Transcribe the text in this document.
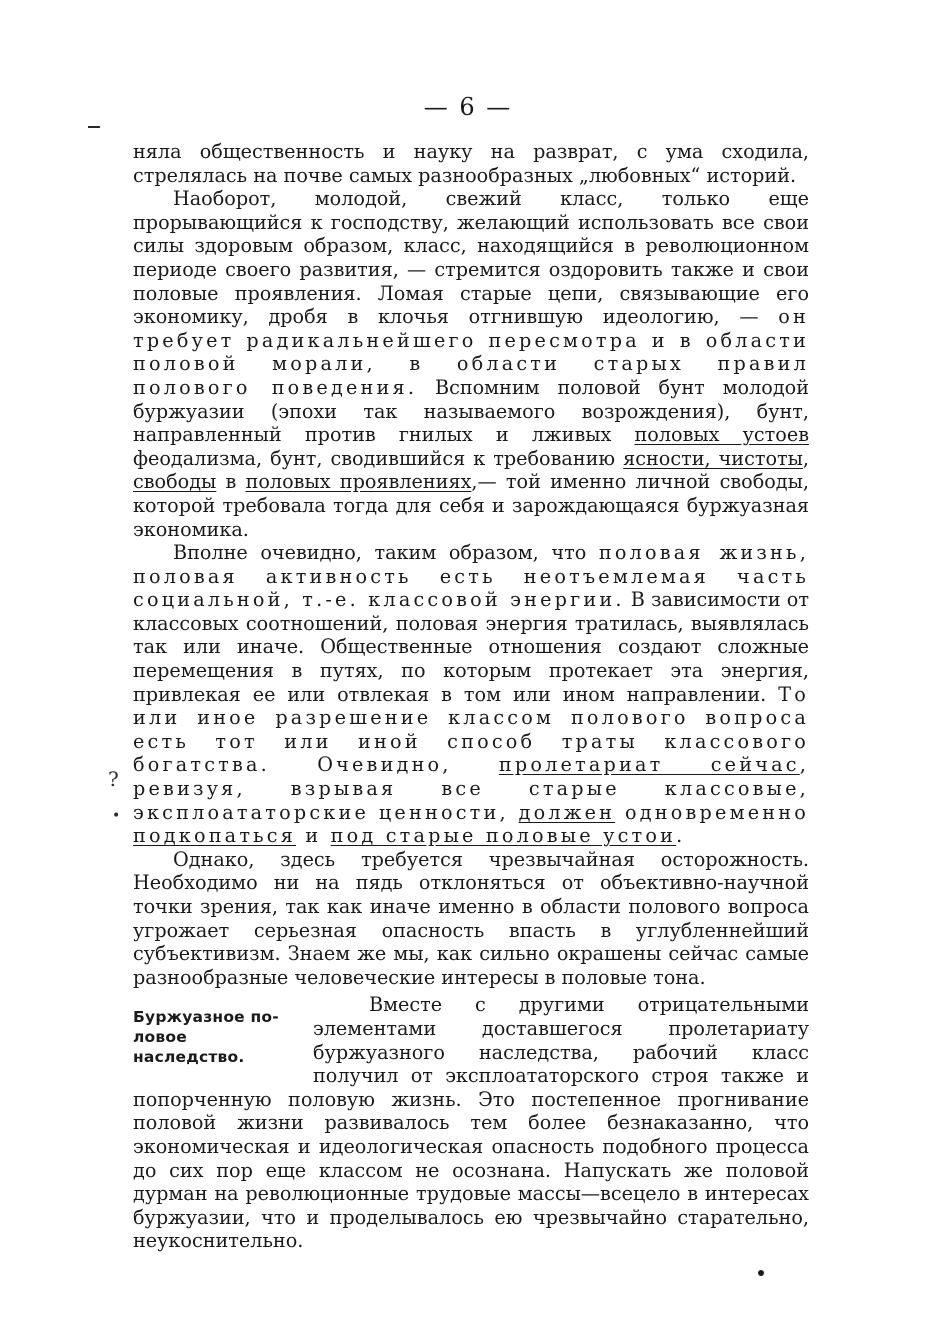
— 6 —
?
•

няла общественность и науку на разврат, с ума сходила, стрелялась на почве самых разнообразных „любовных“ историй.

Наоборот, молодой, свежий класс, только еще прорывающийся к господству, желающий использовать все свои силы здоровым образом, класс, находящийся в революционном периоде своего развития, — стремится оздоровить также и свои половые проявления. Ломая старые цепи, связывающие его экономику, дробя в клочья отгнившую идеологию, — он требует радикальнейшего пересмотра и в области половой морали, в области старых правил полового поведения. Вспомним половой бунт молодой буржуазии (эпохи так называемого возрождения), бунт, направленный против гнилых и лживых половых устоев феодализма, бунт, сводившийся к требованию ясности, чистоты, свободы в половых проявлениях,— той именно личной свободы, которой требовала тогда для себя и зарождающаяся буржуазная экономика.

Вполне очевидно, таким образом, что половая жизнь, половая активность есть неотъемлемая часть социальной, т.-е. классовой энергии. В зависимости от классовых соотношений, половая энергия тратилась, выявлялась так или иначе. Общественные отношения создают сложные перемещения в путях, по которым протекает эта энергия, привлекая ее или отвлекая в том или ином направлении. То или иное разрешение классом полового вопроса есть тот или иной способ траты классового богатства. Очевидно, пролетариат сейчас, ревизуя, взрывая все старые классовые, эксплоататорские ценности, должен одновременно подкопаться и под старые половые устои.

Однако, здесь требуется чрезвычайная осторожность. Необходимо ни на пядь отклоняться от объективно-научной точки зрения, так как иначе именно в области полового вопроса угрожает серьезная опасность впасть в углубленнейший субъективизм. Знаем же мы, как сильно окрашены сейчас самые разнообразные человеческие интересы в половые тона.

Буржуазное по-
ловое наследство.

Вместе с другими отрицательными элементами доставшегося пролетариату буржуазного наследства, рабочий класс получил от эксплоататорского строя также и попорченную половую жизнь. Это постепенное прогнивание половой жизни развивалось тем более безнаказанно, что экономическая и идеологическая опасность подобного процесса до сих пор еще классом не осознана. Напускать же половой дурман на революционные трудовые массы—всецело в интересах буржуазии, что и проделывалось ею чрезвычайно старательно, неукоснительно.
